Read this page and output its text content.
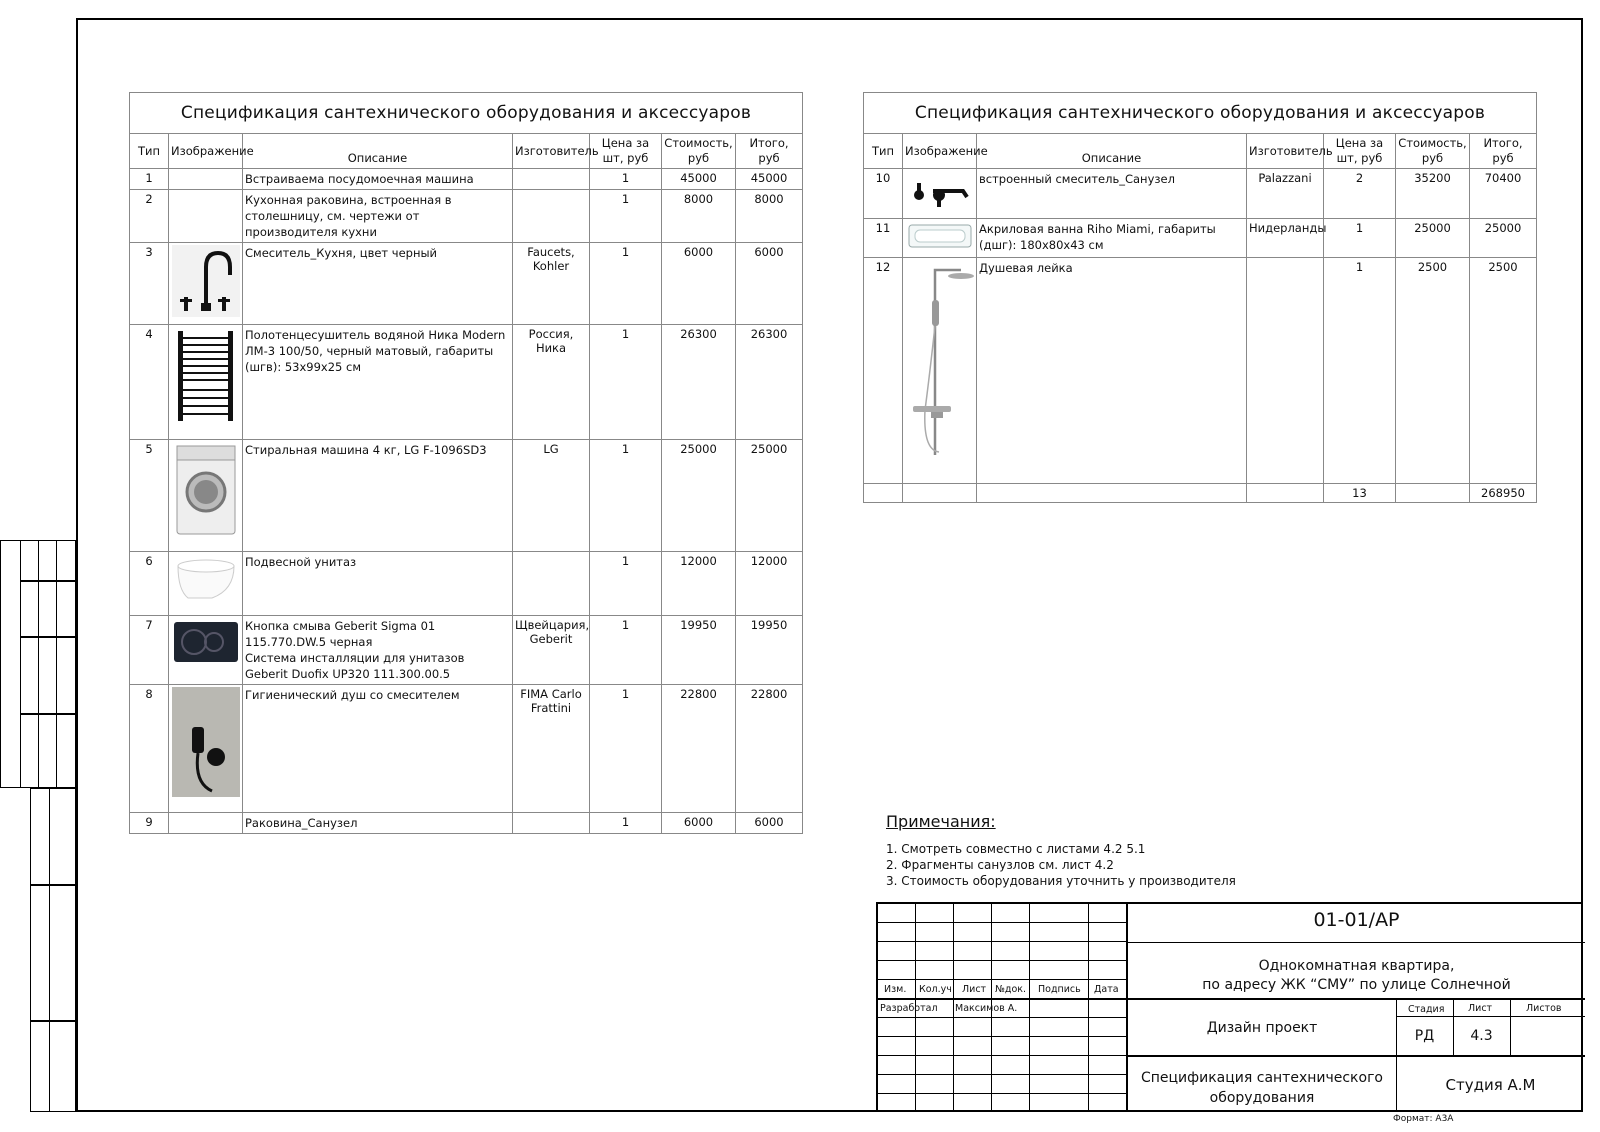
Спецификация сантехнического оборудования и аксессуаров						
Тип	Изображение	Описание	Изготовитель	Цена за шт, руб	Стоимость, руб	Итого, руб
1		Встраиваема посудомоечная машина		1	45000	45000
2		Кухонная раковина, встроенная в столешницу, см. чертежи от производителя кухни		1	8000	8000
3		Смеситель_Кухня, цвет черный	Faucets, Kohler	1	6000	6000
4		Полотенцесушитель водяной Ника Modern ЛМ-3 100/50, черный матовый, габариты (шгв): 53х99х25 см	Россия, Ника	1	26300	26300
5		Стиральная машина 4 кг, LG F-1096SD3	LG	1	25000	25000
6		Подвесной унитаз		1	12000	12000
7		Кнопка смыва Geberit Sigma 01 115.770.DW.5 черная
Система инсталляции для унитазов Geberit Duofix UP320 111.300.00.5	Щвейцария, Geberit	1	19950	19950
8		Гигиенический душ со смесителем	FIMA Carlo Frattini	1	22800	22800
9		Раковина_Санузел		1	6000	6000
Спецификация сантехнического оборудования и аксессуаров						
Тип	Изображение	Описание	Изготовитель	Цена за шт, руб	Стоимость, руб	Итого, руб
10		встроенный смеситель_Санузел	Palazzani	2	35200	70400
11		Акриловая ванна Riho Miami, габариты (дшг): 180х80х43 см	Нидерланды	1	25000	25000
12		Душевая лейка		1	2500	2500
				13		268950
Примечания:
1. Смотреть совместно с листами 4.2 5.1
2. Фрагменты санузлов см. лист 4.2
3. Стоимость оборудования уточнить у производителя
Изм. Кол.уч Лист №док. Подпись Дата
Разработал Максимов А.
01-01/АР
Однокомнатная квартира,
по адресу ЖК “СМУ” по улице Солнечной
Дизайн проект
Спецификация сантехнического
оборудования
Студия А.М
Стадия Лист	Листов
РД	4.3
Формат: А3А
